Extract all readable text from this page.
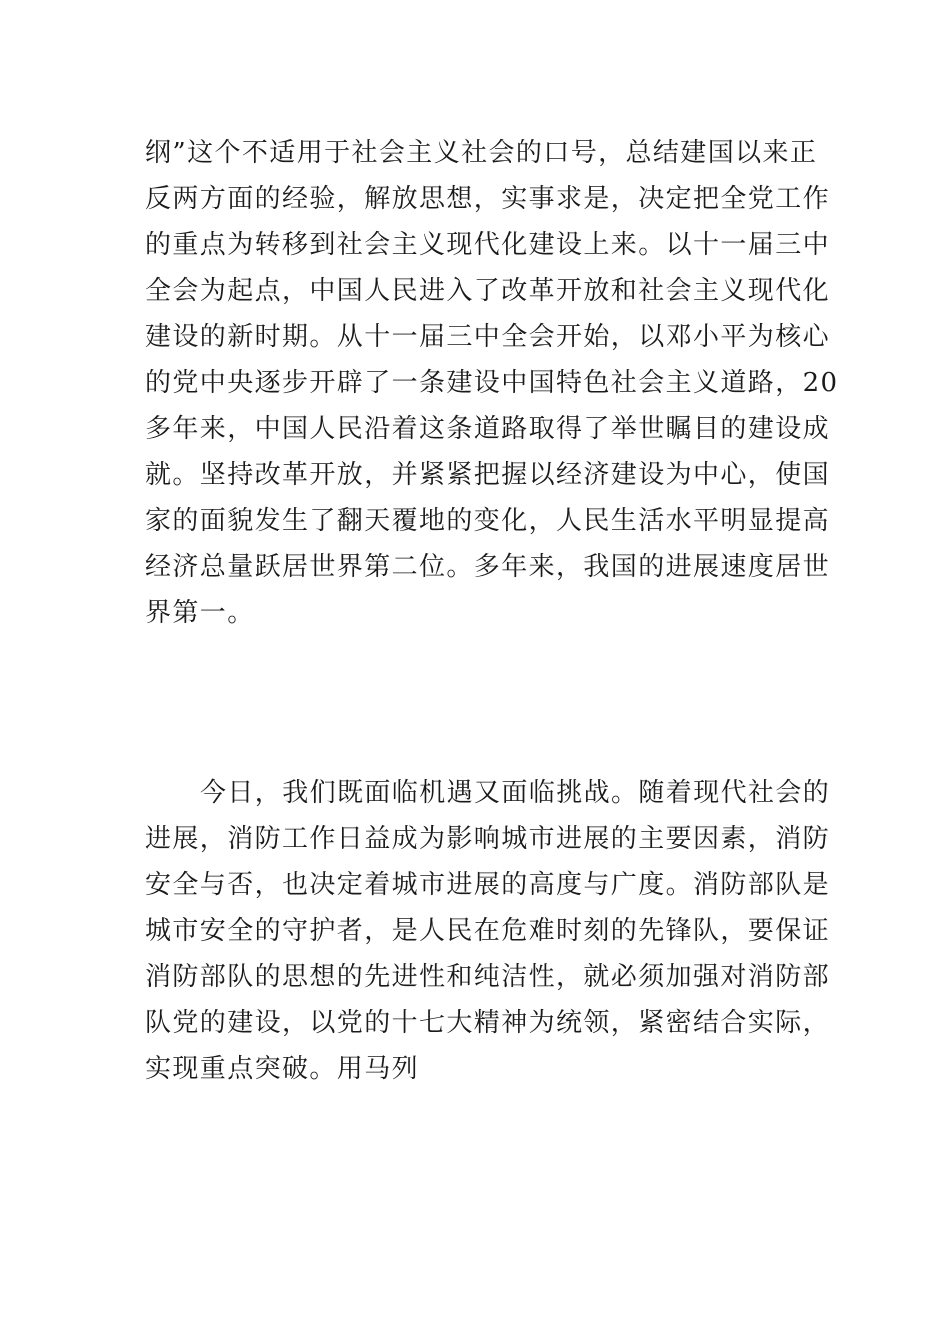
纲”这个不适用于社会主义社会的口号，总结建国以来正
反两方面的经验，解放思想，实事求是，决定把全党工作
的重点为转移到社会主义现代化建设上来。以十一届三中
全会为起点，中国人民进入了改革开放和社会主义现代化
建设的新时期。从十一届三中全会开始，以邓小平为核心
的党中央逐步开辟了一条建设中国特色社会主义道路，20
多年来，中国人民沿着这条道路取得了举世瞩目的建设成
就。坚持改革开放，并紧紧把握以经济建设为中心，使国
家的面貌发生了翻天覆地的变化，人民生活水平明显提高
经济总量跃居世界第二位。多年来，我国的进展速度居世
界第一。
今日，我们既面临机遇又面临挑战。随着现代社会的
进展，消防工作日益成为影响城市进展的主要因素，消防
安全与否，也决定着城市进展的高度与广度。消防部队是
城市安全的守护者，是人民在危难时刻的先锋队，要保证
消防部队的思想的先进性和纯洁性，就必须加强对消防部
队党的建设，以党的十七大精神为统领，紧密结合实际，
实现重点突破。用马列
